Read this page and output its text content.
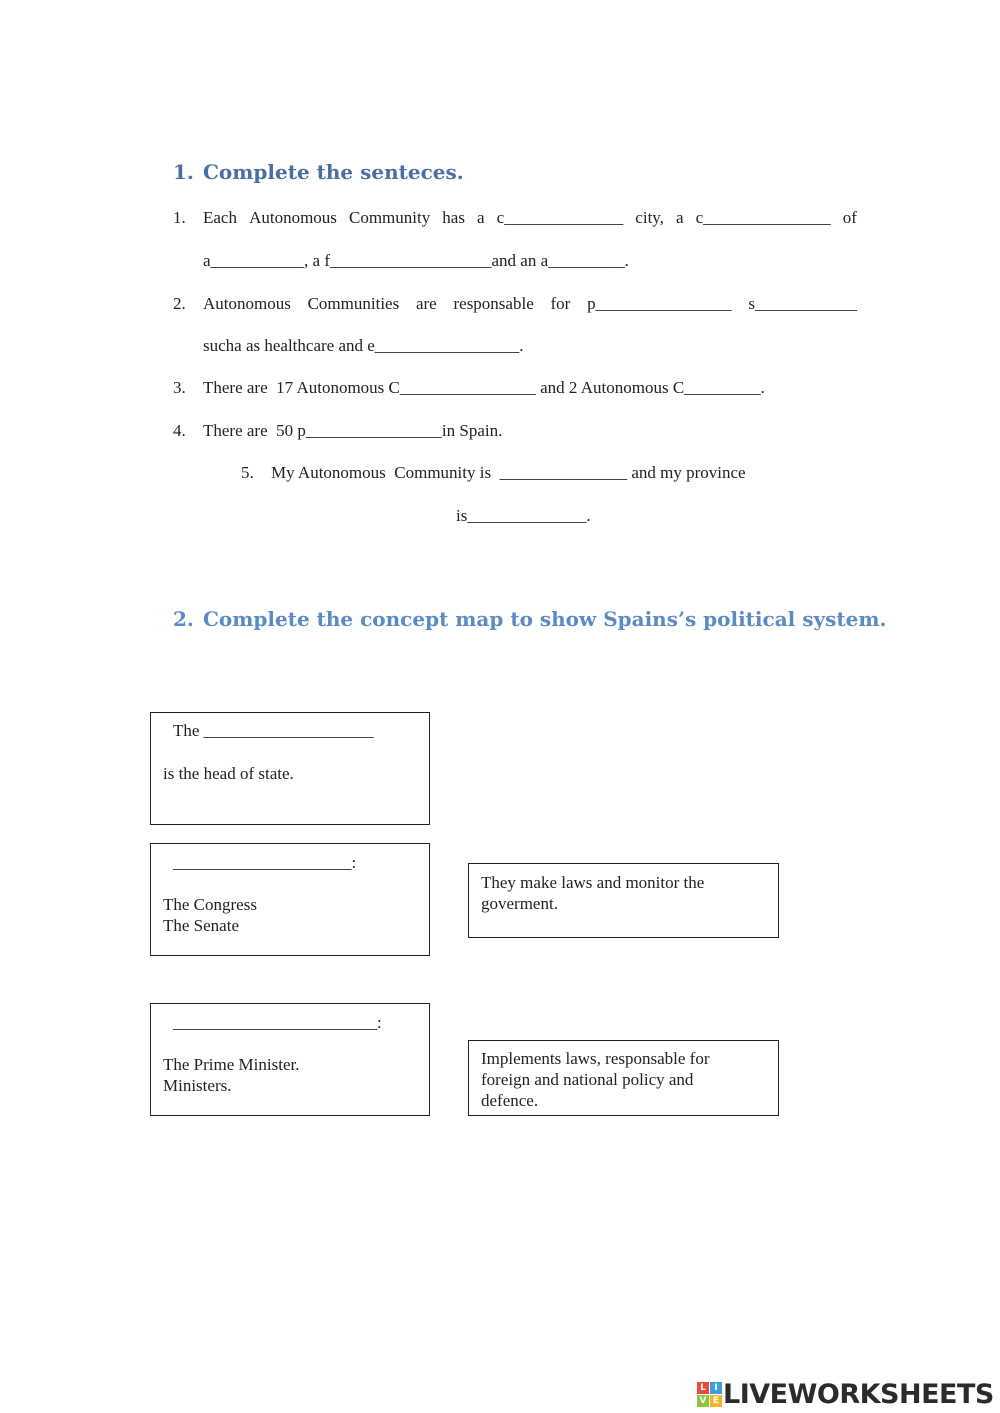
1. Complete the senteces.
1. Each Autonomous Community has a c______________ city, a c_______________ of
a___________, a f___________________and an a_________.
2. Autonomous Communities are responsable for p________________ s____________
sucha as healthcare and e_________________.
3. There are  17 Autonomous C________________ and 2 Autonomous C_________.
4. There are  50 p________________in Spain.
5. My Autonomous  Community is  _______________ and my province
is______________.
2. Complete the concept map to show Spains’s political system.
The ____________________
is the head of state.
_____________________:
The Congress
The Senate
They make laws and monitor the
goverment.
________________________:
The Prime Minister.
Ministers.
Implements laws, responsable for
foreign and national policy and
defence.
L I
V E LIVEWORKSHEETS
